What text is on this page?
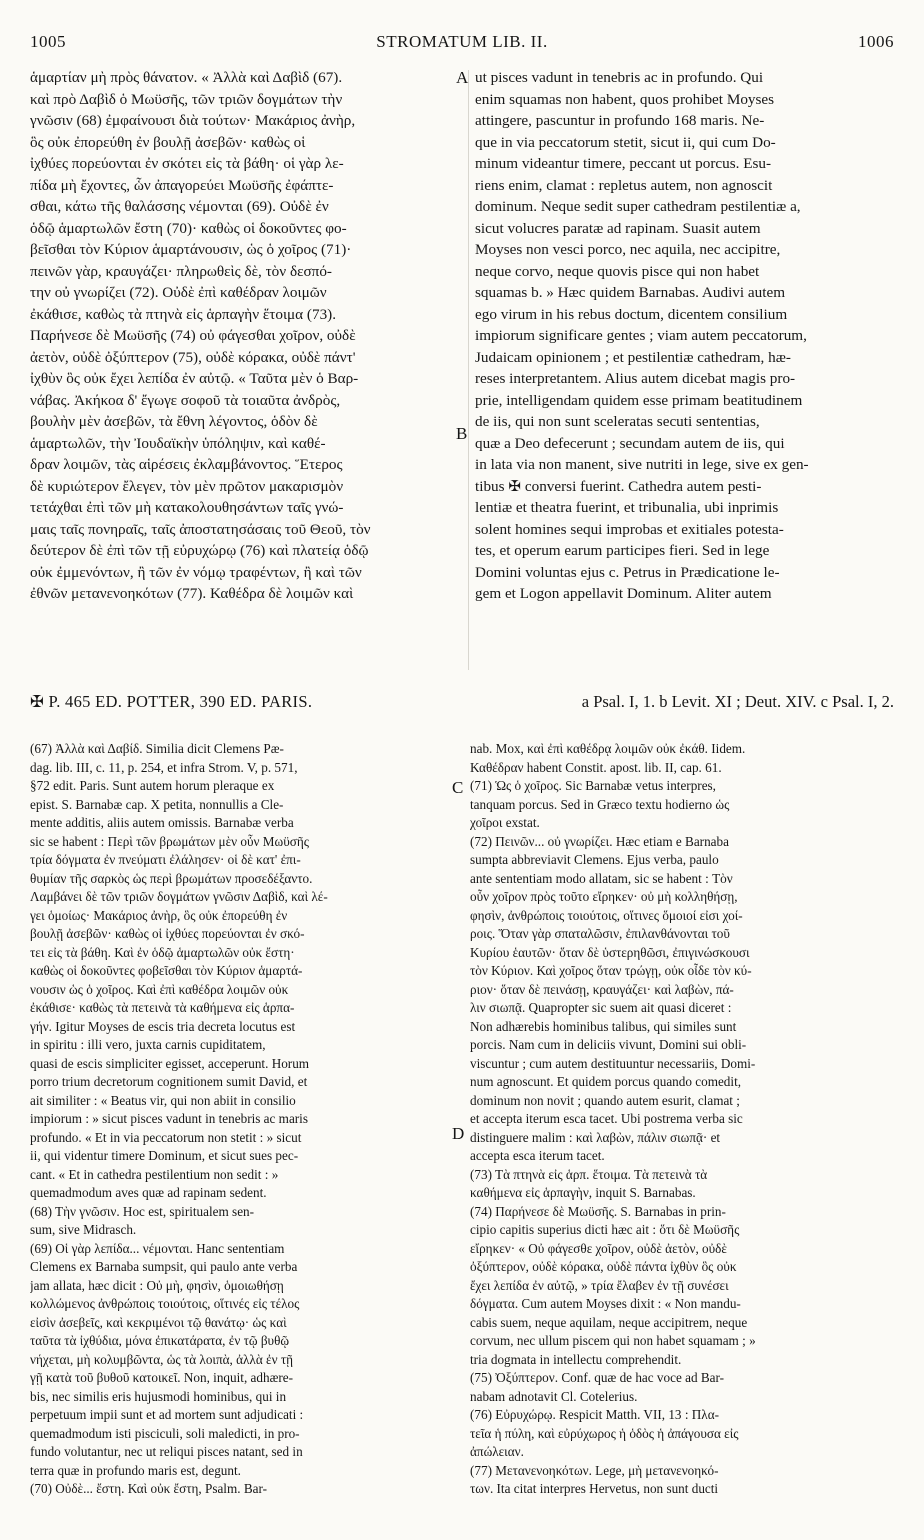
1005	STROMATUM LIB. II.	1006

ἁμαρτίαν μὴ πρὸς θάνατον. « Ἀλλὰ καὶ Δαβὶδ (67).

καὶ πρὸ Δαβὶδ ὁ Μωϋσῆς, τῶν τριῶν δογμάτων τὴν

γνῶσιν (68) ἐμφαίνουσι διὰ τούτων· Μακάριος ἀνὴρ,

ὃς οὐκ ἐπορεύθη ἐν βουλῇ ἀσεβῶν· καθὼς οἱ

ἰχθύες πορεύονται ἐν σκότει εἰς τὰ βάθη· οἱ γὰρ λε-

πίδα μὴ ἔχοντες, ὧν ἀπαγορεύει Μωϋσῆς ἐφάπτε-

σθαι, κάτω τῆς θαλάσσης νέμονται (69). Οὐδὲ ἐν

ὁδῷ ἁμαρτωλῶν ἔστη (70)· καθὼς οἱ δοκοῦντες φο-

βεῖσθαι τὸν Κύριον ἁμαρτάνουσιν, ὡς ὁ χοῖρος (71)·

πεινῶν γὰρ, κραυγάζει· πληρωθεὶς δὲ, τὸν δεσπό-

την οὐ γνωρίζει (72). Οὐδὲ ἐπὶ καθέδραν λοιμῶν

ἐκάθισε, καθὼς τὰ πτηνὰ εἰς ἁρπαγὴν ἕτοιμα (73).

Παρήνεσε δὲ Μωϋσῆς (74) οὐ φάγεσθαι χοῖρον, οὐδὲ

ἀετὸν, οὐδὲ ὀξύπτερον (75), οὐδὲ κόρακα, οὐδὲ πάντ'

ἰχθὺν ὃς οὐκ ἔχει λεπίδα ἐν αὐτῷ. « Ταῦτα μὲν ὁ Βαρ-

νάβας. Ἀκήκοα δ' ἔγωγε σοφοῦ τὰ τοιαῦτα ἀνδρὸς,

βουλὴν μὲν ἀσεβῶν, τὰ ἔθνη λέγοντος, ὁδὸν δὲ

ἁμαρτωλῶν, τὴν Ἰουδαϊκὴν ὑπόληψιν, καὶ καθέ-

δραν λοιμῶν, τὰς αἱρέσεις ἐκλαμβάνοντος. Ἕτερος

δὲ κυριώτερον ἔλεγεν, τὸν μὲν πρῶτον μακαρισμὸν

τετάχθαι ἐπὶ τῶν μὴ κατακολουθησάντων ταῖς γνώ-

μαις ταῖς πονηραῖς, ταῖς ἀποστατησάσαις τοῦ Θεοῦ, τὸν

δεύτερον δὲ ἐπὶ τῶν τῇ εὐρυχώρῳ (76) καὶ πλατείᾳ ὁδῷ

οὐκ ἐμμενόντων, ἢ τῶν ἐν νόμῳ τραφέντων, ἢ καὶ τῶν

ἐθνῶν μετανενοηκότων (77). Καθέδρα δὲ λοιμῶν καὶ

ut pisces vadunt in tenebris ac in profundo. Qui

enim squamas non habent, quos prohibet Moyses

attingere, pascuntur in profundo 168 maris. Ne-

que in via peccatorum stetit, sicut ii, qui cum Do-

minum videantur timere, peccant ut porcus. Esu-

riens enim, clamat : repletus autem, non agnoscit

dominum. Neque sedit super cathedram pestilentiæ a,

sicut volucres paratæ ad rapinam. Suasit autem

Moyses non vesci porco, nec aquila, nec accipitre,

neque corvo, neque quovis pisce qui non habet

squamas b. » Hæc quidem Barnabas. Audivi autem

ego virum in his rebus doctum, dicentem consilium

impiorum significare gentes ; viam autem peccatorum,

Judaicam opinionem ; et pestilentiæ cathedram, hæ-

reses interpretantem. Alius autem dicebat magis pro-

prie, intelligendam quidem esse primam beatitudinem

de iis, qui non sunt sceleratas secuti sententias,

quæ a Deo defecerunt ; secundam autem de iis, qui

in lata via non manent, sive nutriti in lege, sive ex gen-

tibus ✠ conversi fuerint. Cathedra autem pesti-

lentiæ et theatra fuerint, et tribunalia, ubi inprimis

solent homines sequi improbas et exitiales potesta-

tes, et operum earum participes fieri. Sed in lege

Domini voluntas ejus c. Petrus in Prædicatione le-

gem et Logon appellavit Dominum. Aliter autem

A
B
C
D
✠ P. 465 ED. POTTER, 390 ED. PARIS.	a Psal. I, 1. b Levit. XI ; Deut. XIV. c Psal. I, 2.

(67) Ἀλλὰ καὶ Δαβίδ. Similia dicit Clemens Pæ-

dag. lib. III, c. 11, p. 254, et infra Strom. V, p. 571,

§72 edit. Paris. Sunt autem horum pleraque ex

epist. S. Barnabæ cap. X petita, nonnullis a Cle-

mente additis, aliis autem omissis. Barnabæ verba

sic se habent : Περὶ τῶν βρωμάτων μὲν οὖν Μωϋσῆς

τρία δόγματα ἐν πνεύματι ἐλάλησεν· οἱ δὲ κατ' ἐπι-

θυμίαν τῆς σαρκὸς ὡς περὶ βρωμάτων προσεδέξαντο.

Λαμβάνει δὲ τῶν τριῶν δογμάτων γνῶσιν Δαβὶδ, καὶ λέ-

γει ὁμοίως· Μακάριος ἀνὴρ, ὃς οὐκ ἐπορεύθη ἐν

βουλῇ ἀσεβῶν· καθὼς οἱ ἰχθύες πορεύονται ἐν σκό-

τει εἰς τὰ βάθη. Καὶ ἐν ὁδῷ ἁμαρτωλῶν οὐκ ἔστη·

καθὼς οἱ δοκοῦντες φοβεῖσθαι τὸν Κύριον ἁμαρτά-

νουσιν ὡς ὁ χοῖρος. Καὶ ἐπὶ καθέδρα λοιμῶν οὐκ

ἐκάθισε· καθὼς τὰ πετεινὰ τὰ καθήμενα εἰς ἁρπα-

γήν. Igitur Moyses de escis tria decreta locutus est

in spiritu : illi vero, juxta carnis cupiditatem,

quasi de escis simpliciter egisset, acceperunt. Horum

porro trium decretorum cognitionem sumit David, et

ait similiter : « Beatus vir, qui non abiit in consilio

impiorum : » sicut pisces vadunt in tenebris ac maris

profundo. « Et in via peccatorum non stetit : » sicut

ii, qui videntur timere Dominum, et sicut sues pec-

cant. « Et in cathedra pestilentium non sedit : »

quemadmodum aves quæ ad rapinam sedent.

(68) Τὴν γνῶσιν. Hoc est, spiritualem sen-

sum, sive Midrasch.

(69) Οἱ γὰρ λεπίδα... νέμονται. Hanc sententiam

Clemens ex Barnaba sumpsit, qui paulo ante verba

jam allata, hæc dicit : Οὐ μὴ, φησὶν, ὁμοιωθήσῃ

κολλώμενος ἀνθρώποις τοιούτοις, οἵτινές εἰς τέλος

εἰσὶν ἀσεβεῖς, καὶ κεκριμένοι τῷ θανάτῳ· ὡς καὶ

ταῦτα τὰ ἰχθύδια, μόνα ἐπικατάρατα, ἐν τῷ βυθῷ

νήχεται, μὴ κολυμβῶντα, ὡς τὰ λοιπὰ, ἀλλὰ ἐν τῇ

γῇ κατὰ τοῦ βυθοῦ κατοικεῖ. Non, inquit, adhære-

bis, nec similis eris hujusmodi hominibus, qui in

perpetuum impii sunt et ad mortem sunt adjudicati :

quemadmodum isti pisciculi, soli maledicti, in pro-

fundo volutantur, nec ut reliqui pisces natant, sed in

terra quæ in profundo maris est, degunt.

(70) Οὐδὲ... ἔστη. Καὶ οὐκ ἔστη, Psalm. Bar-

nab. Mox, καὶ ἐπὶ καθέδρᾳ λοιμῶν οὐκ ἐκάθ. Iidem.

Καθέδραν habent Constit. apost. lib. II, cap. 61.

(71) Ὡς ὁ χοῖρος. Sic Barnabæ vetus interpres,

tanquam porcus. Sed in Græco textu hodierno ὡς

χοῖροι exstat.

(72) Πεινῶν... οὐ γνωρίζει. Hæc etiam e Barnaba

sumpta abbreviavit Clemens. Ejus verba, paulo

ante sententiam modo allatam, sic se habent : Τὸν

οὖν χοῖρον πρὸς τοῦτο εἴρηκεν· οὐ μὴ κολληθήσῃ,

φησὶν, ἀνθρώποις τοιούτοις, οἵτινες ὅμοιοί εἰσι χοί-

ροις. Ὅταν γὰρ σπαταλῶσιν, ἐπιλανθάνονται τοῦ

Κυρίου ἑαυτῶν· ὅταν δὲ ὑστερηθῶσι, ἐπιγινώσκουσι

τὸν Κύριον. Καὶ χοῖρος ὅταν τρώγῃ, οὐκ οἶδε τὸν κύ-

ριον· ὅταν δὲ πεινάσῃ, κραυγάζει· καὶ λαβὼν, πά-

λιν σιωπᾷ. Quapropter sic suem ait quasi diceret :

Non adhærebis hominibus talibus, qui similes sunt

porcis. Nam cum in deliciis vivunt, Domini sui obli-

viscuntur ; cum autem destituuntur necessariis, Domi-

num agnoscunt. Et quidem porcus quando comedit,

dominum non novit ; quando autem esurit, clamat ;

et accepta iterum esca tacet. Ubi postrema verba sic

distinguere malim : καὶ λαβὼν, πάλιν σιωπᾷ· et

accepta esca iterum tacet.

(73) Τὰ πτηνὰ εἰς ἁρπ. ἕτοιμα. Τὰ πετεινὰ τὰ

καθήμενα εἰς ἁρπαγὴν, inquit S. Barnabas.

(74) Παρήνεσε δὲ Μωϋσῆς. S. Barnabas in prin-

cipio capitis superius dicti hæc ait : ὅτι δὲ Μωϋσῆς

εἴρηκεν· « Οὐ φάγεσθε χοῖρον, οὐδὲ ἀετὸν, οὐδὲ

ὀξύπτερον, οὐδὲ κόρακα, οὐδὲ πάντα ἰχθὺν ὃς οὐκ

ἔχει λεπίδα ἐν αὐτῷ, » τρία ἔλαβεν ἐν τῇ συνέσει

δόγματα. Cum autem Moyses dixit : « Non mandu-

cabis suem, neque aquilam, neque accipitrem, neque

corvum, nec ullum piscem qui non habet squamam ; »

tria dogmata in intellectu comprehendit.

(75) Ὀξύπτερον. Conf. quæ de hac voce ad Bar-

nabam adnotavit Cl. Cotelerius.

(76) Εὐρυχώρῳ. Respicit Matth. VII, 13 : Πλα-

τεῖα ἡ πύλη, καὶ εὐρύχωρος ἡ ὁδὸς ἡ ἀπάγουσα εἰς

ἀπώλειαν.

(77) Μετανενοηκότων. Lege, μὴ μετανενοηκό-

των. Ita citat interpres Hervetus, non sunt ducti
